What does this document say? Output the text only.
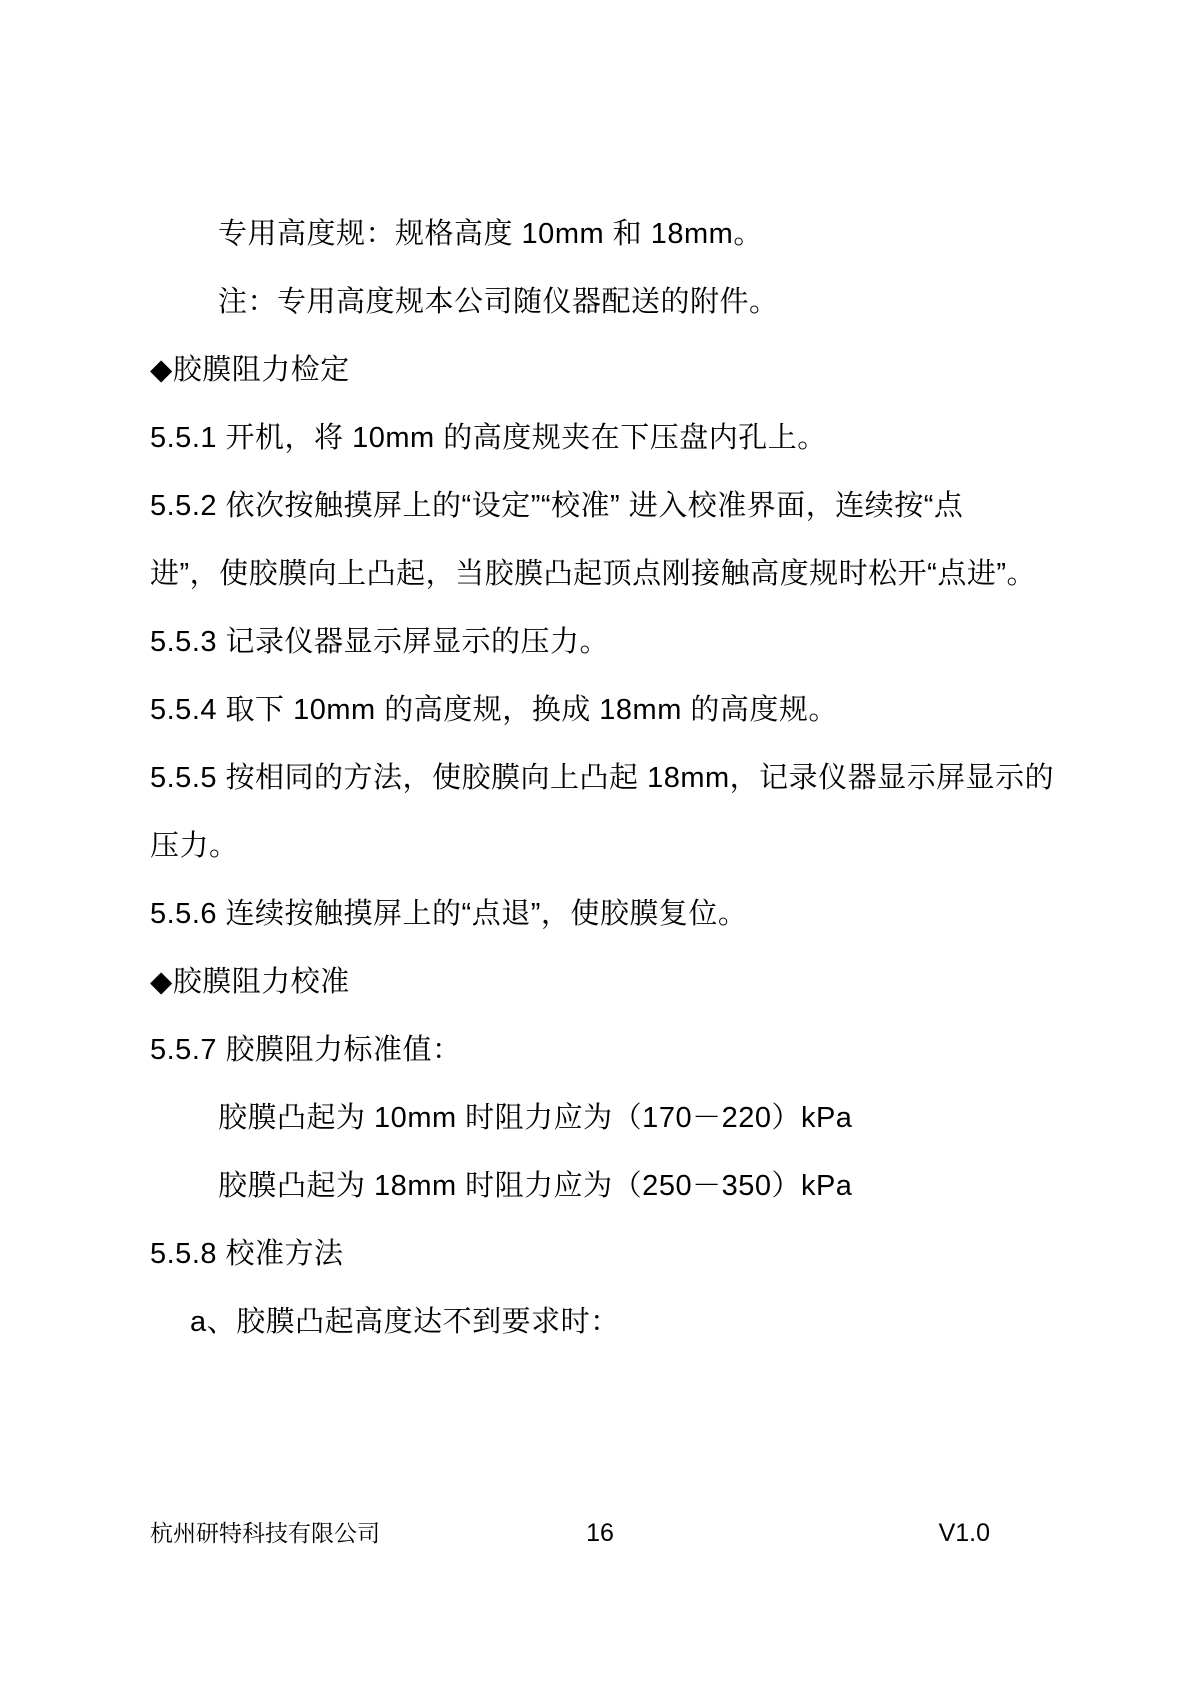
专用高度规：规格高度 10mm 和 18mm。

注：专用高度规本公司随仪器配送的附件。

◆胶膜阻力检定

5.5.1 开机，将 10mm 的高度规夹在下压盘内孔上。

5.5.2 依次按触摸屏上的“设定”“校准” 进入校准界面，连续按“点

进”，使胶膜向上凸起，当胶膜凸起顶点刚接触高度规时松开“点进”。

5.5.3 记录仪器显示屏显示的压力。

5.5.4 取下 10mm 的高度规，换成 18mm 的高度规。

5.5.5 按相同的方法，使胶膜向上凸起 18mm，记录仪器显示屏显示的

压力。

5.5.6 连续按触摸屏上的“点退”，使胶膜复位。

◆胶膜阻力校准

5.5.7 胶膜阻力标准值：

胶膜凸起为 10mm 时阻力应为（170－220）kPa

胶膜凸起为 18mm 时阻力应为（250－350）kPa

5.5.8 校准方法

a、胶膜凸起高度达不到要求时：

杭州研特科技有限公司	16	V1.0
